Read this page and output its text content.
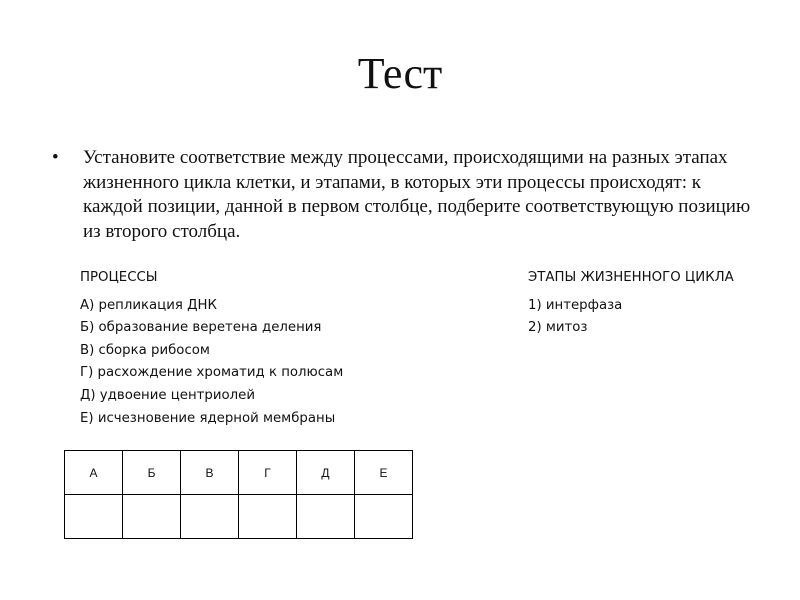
Тест
• Установите соответствие между процессами, происходящими на разных этапах жизненного цикла клетки, и этапами, в которых эти процессы происходят: к каждой позиции, данной в первом столбце, подберите соответствующую позицию из второго столбца.
ПРОЦЕССЫ
А) репликация ДНК
Б) образование веретена деления
В) сборка рибосом
Г) расхождение хроматид к полюсам
Д) удвоение центриолей
Е) исчезновение ядерной мембраны
ЭТАПЫ ЖИЗНЕННОГО ЦИКЛА
1) интерфаза
2) митоз
А	Б	В	Г	Д	Е
